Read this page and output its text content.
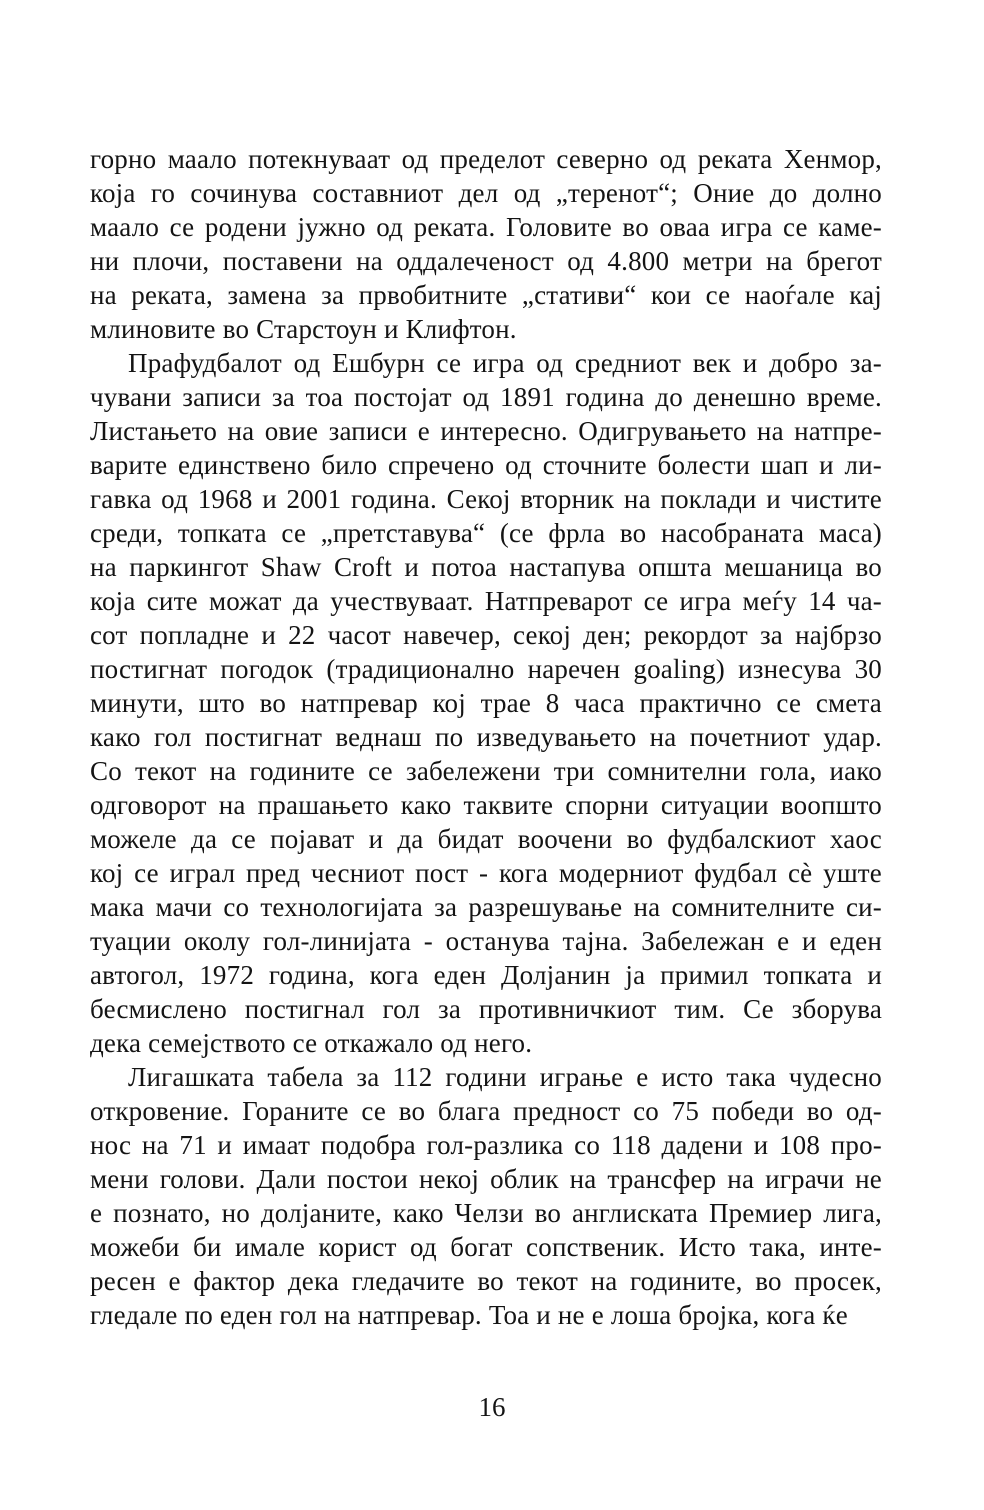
горно маало потекнуваат од пределот северно од реката Хенмор,
која го сочинува составниот дел од „теренот“; Оние до долно
маало се родени јужно од реката. Головите во оваа игра се каме-
ни плочи, поставени на оддалеченост од 4.800 метри на брегот
на реката, замена за првобитните „стативи“ кои се наоѓале кај
млиновите во Старстоун и Клифтон.
Прафудбалот од Ешбурн се игра од средниот век и добро за-
чувани записи за тоа постојат од 1891 година до денешно време.
Листањето на овие записи е интересно. Одигрувањето на натпре-
варите единствено било спречено од сточните болести шап и ли-
гавка од 1968 и 2001 година. Секој вторник на поклади и чистите
среди, топката се „претставува“ (се фрла во насобраната маса)
на паркингот Shaw Croft и потоа настапува општа мешаница во
која сите можат да учествуваат. Натпреварот се игра меѓу 14 ча-
сот попладне и 22 часот навечер, секој ден; рекордот за најбрзо
постигнат погодок (традиционално наречен goaling) изнесува 30
минути, што во натпревар кој трае 8 часа практично се смета
како гол постигнат веднаш по изведувањето на почетниот удар.
Со текот на годините се забележени три сомнителни гола, иако
одговорот на прашањето како таквите спорни ситуации воопшто
можеле да се појават и да бидат воочени во фудбалскиот хаос
кој се играл пред чесниот пост - кога модерниот фудбал сè уште
мака мачи со технологијата за разрешување на сомнителните си-
туации околу гол-линијата - останува тајна. Забележан е и еден
автогол, 1972 година, кога еден Долјанин ја примил топката и
бесмислено постигнал гол за противничкиот тим. Се зборува
дека семејството се откажало од него.
Лигашката табела за 112 години играње е исто така чудесно
откровение. Гораните се во блага предност со 75 победи во од-
нос на 71 и имаат подобра гол-разлика со 118 дадени и 108 про-
мени голови. Дали постои некој облик на трансфер на играчи не
е познато, но долјаните, како Челзи во англиската Премиер лига,
можеби би имале корист од богат сопственик. Исто така, инте-
ресен е фактор дека гледачите во текот на годините, во просек,
гледале по еден гол на натпревар. Тоа и не е лоша бројка, кога ќе
16
